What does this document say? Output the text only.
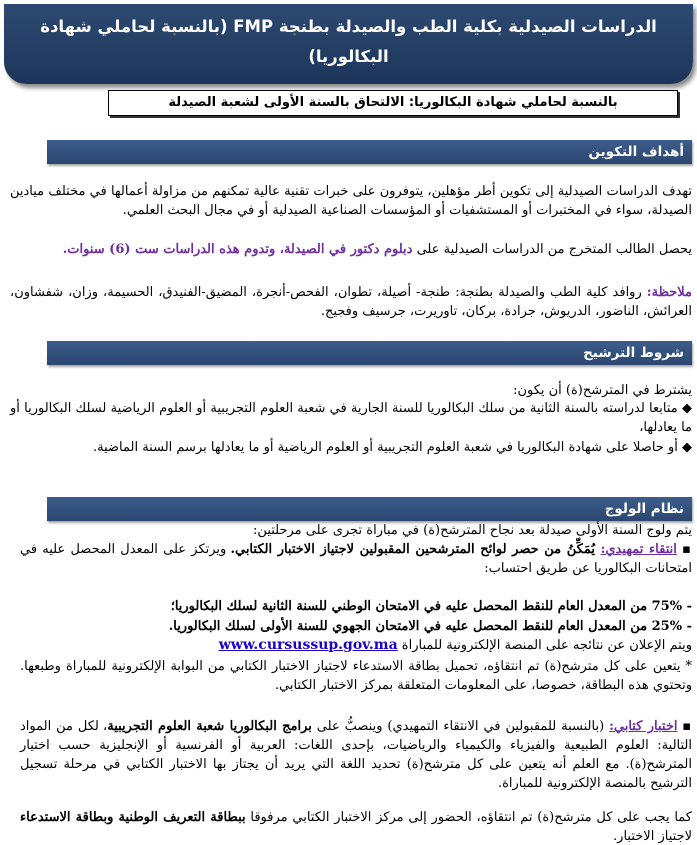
الدراسات الصيدلية بكلية الطب والصيدلة بطنجة FMP (بالنسبة لحاملي شهادة
البكالوريا)
بالنسبة لحاملي شهادة البكالوريا: الالتحاق بالسنة الأولى لشعبة الصيدلة
أهداف التكوين
تهدف الدراسات الصيدلية إلى تكوين أطر مؤهلين، يتوفرون على خبرات تقنية عالية تمكنهم من مزاولة أعمالها في مختلف ميادين الصيدلة، سواء في المختبرات أو المستشفيات أو المؤسسات الصناعية الصيدلية أو في مجال البحث العلمي.
يحصل الطالب المتخرج من الدراسات الصيدلية على دبلوم دكتور في الصيدلة، وتدوم هذه الدراسات ست (6) سنوات.
ملاحظة: روافد كلية الطب والصيدلة بطنجة: طنجة- أصيلة، تطوان، الفحص-أنجرة، المضيق-الفنيدق، الحسيمة، وزان، شفشاون، العرائش، الناضور، الدريوش، جرادة، بركان، تاوريرت، جرسيف وفجيج.
شروط الترشيح
يشترط في المترشح(ة) أن يكون:
◆ متابعا لدراسته بالسنة الثانية من سلك البكالوريا للسنة الجارية في شعبة العلوم التجريبية أو العلوم الرياضية لسلك البكالوريا أو ما يعادلها،
◆ أو حاصلا على شهادة البكالوريا في شعبة العلوم التجريبية أو العلوم الرياضية أو ما يعادلها برسم السنة الماضية.
نظام الولوج
يتم ولوج السنة الأولى صيدلة بعد نجاح المترشح(ة) في مباراة تجرى على مرحلتين:
▪ انتقاء تمهيدي: يُمَكِّنُ من حصر لوائح المترشحين المقبولين لاجتياز الاختبار الكتابي. ويرتكز على المعدل المحصل عليه في امتحانات البكالوريا عن طريق احتساب:
- 75% من المعدل العام للنقط المحصل عليه في الامتحان الوطني للسنة الثانية لسلك البكالوريا؛
- 25% من المعدل العام للنقط المحصل عليه في الامتحان الجهوي للسنة الأولى لسلك البكالوريا.
ويتم الإعلان عن نتائجه على المنصة الإلكترونية للمباراة www.cursussup.gov.ma
* يتعين على كل مترشح(ة) تم انتقاؤه، تحميل بطاقة الاستدعاء لاجتياز الاختبار الكتابي من البوابة الإلكترونية للمباراة وطبعها. وتحتوي هذه البطاقة، خصوصا، على المعلومات المتعلقة بمركز الاختبار الكتابي.
▪ اختبار كتابي: (بالنسبة للمقبولين في الانتقاء التمهيدي) وينصبُّ على برامج البكالوريا شعبة العلوم التجريبية، لكل من المواد التالية: العلوم الطبيعية والفيزياء والكيمياء والرياضيات، بإحدى اللغات: العربية أو الفرنسية أو الإنجليزية حسب اختيار المترشح(ة). مع العلم أنه يتعين على كل مترشح(ة) تحديد اللغة التي يريد أن يجتاز بها الاختبار الكتابي في مرحلة تسجيل الترشيح بالمنصة الإلكترونية للمباراة.
كما يجب على كل مترشح(ة) تم انتقاؤه، الحضور إلى مركز الاختبار الكتابي مرفوقا ببطاقة التعريف الوطنية وبطاقة الاستدعاء لاجتياز الاختبار.
